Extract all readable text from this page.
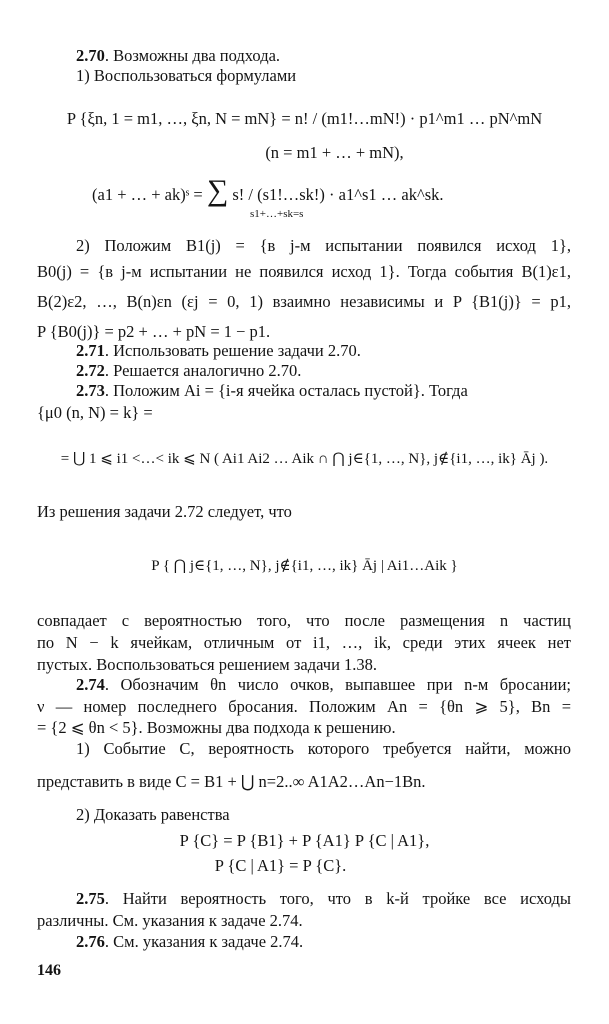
2.70. Возможны два подхода.
1) Воспользоваться формулами
P {ξn, 1 = m1, …, ξn, N = mN} = n! / (m1!…mN!) · p1^m1 … pN^mN
(n = m1 + … + mN),
(a1 + … + ak)ˢ = ∑ s! / (s1!…sk!) · a1^s1 … ak^sk.
s1+…+sk=s
2) Положим B1(j) = {в j-м испытании появился исход 1},
B0(j) = {в j-м испытании не появился исход 1}. Тогда события B(1)ε1,
B(2)ε2, …, B(n)εn (εj = 0, 1) взаимно независимы и P {B1(j)} = p1,
P {B0(j)} = p2 + … + pN = 1 − p1.
2.71. Использовать решение задачи 2.70.
2.72. Решается аналогично 2.70.
2.73. Положим Ai = {i-я ячейка осталась пустой}. Тогда
{μ0 (n, N) = k} =
= ⋃ 1 ⩽ i1 <…< ik ⩽ N ( Ai1 Ai2 … Aik ∩ ⋂ j∈{1, …, N}, j∉{i1, …, ik} Āj ).
Из решения задачи 2.72 следует, что
P { ⋂ j∈{1, …, N}, j∉{i1, …, ik} Āj | Ai1…Aik }
совпадает с вероятностью того, что после размещения n частиц
по N − k ячейкам, отличным от i1, …, ik, среди этих ячеек нет
пустых. Воспользоваться решением задачи 1.38.
2.74. Обозначим θn число очков, выпавшее при n-м бросании;
ν — номер последнего бросания. Положим An = {θn ⩾ 5}, Bn =
= {2 ⩽ θn < 5}. Возможны два подхода к решению.
1) Событие C, вероятность которого требуется найти, можно
представить в виде C = B1 + ⋃ n=2..∞ A1A2…An−1Bn.
2) Доказать равенства
P {C} = P {B1} + P {A1} P {C | A1},
P {C | A1} = P {C}.
2.75. Найти вероятность того, что в k-й тройке все исходы
различны. См. указания к задаче 2.74.
2.76. См. указания к задаче 2.74.
146
